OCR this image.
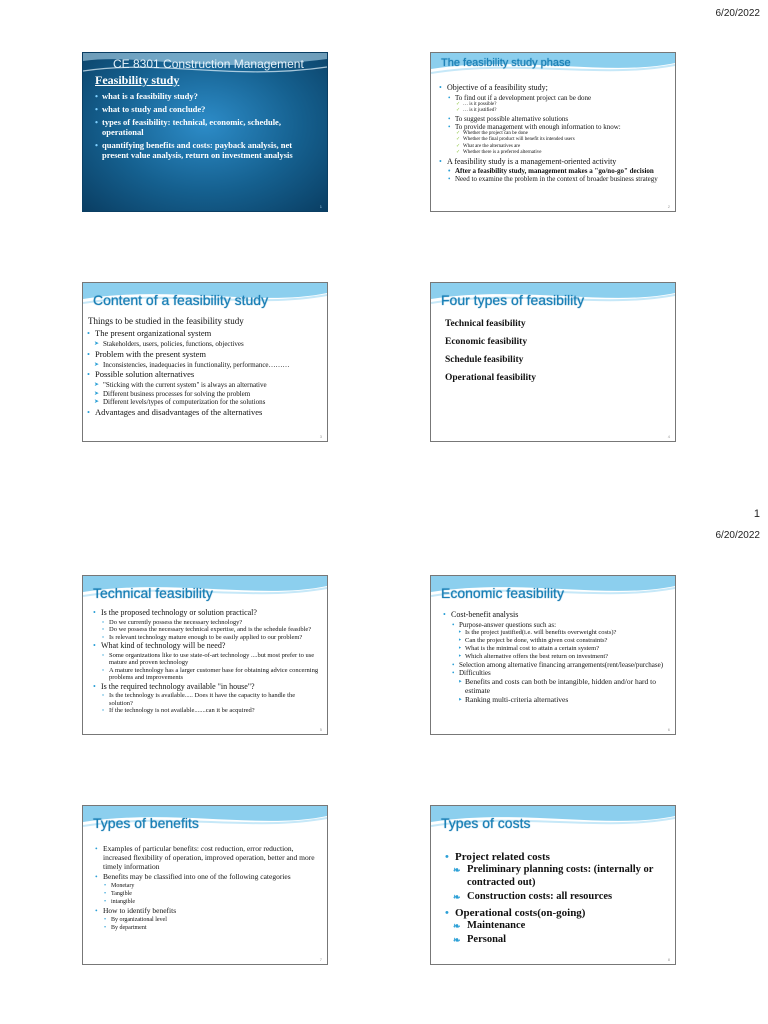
6/20/2022
1
6/20/2022
CE 8301 Construction Management
Feasibility study
• what is a feasibility study?
• what to study and conclude?
• types of feasibility: technical, economic, schedule, operational
• quantifying benefits and costs: payback analysis, net present value analysis, return on investment analysis
1
The feasibility study phase
• Objective of a feasibility study;
• To find out if a development project can be done
✓ … is it possible?
✓ … is it justified?
• To suggest possible alternative solutions
• To provide management with enough information to know:
✓ Whether the project can be done
✓ Whether the final product will benefit its intended users
✓ What are the alternatives are
✓ Whether there is a preferred alternative
• A feasibility study is a management-oriented activity
• After a feasibility study, management makes a "go/no-go" decision
• Need to examine the problem in the context of broader business strategy
2
Content of a feasibility study
Things to be studied in the feasibility study
• The present organizational system
➤ Stakeholders, users, policies, functions, objectives
• Problem with the present system
➤ Inconsistencies, inadequacies in functionality, performance………
• Possible solution alternatives
➤ "Sticking with the current system" is always an alternative
➤ Different business processes for solving the problem
➤ Different levels/types of computerization for the solutions
• Advantages and disadvantages of the alternatives
3
Four types of feasibility
Technical feasibility
Economic feasibility
Schedule feasibility
Operational feasibility
4
Technical feasibility
• Is the proposed technology or solution practical?
▫ Do we currently possess the necessary technology?
▫ Do we possess the necessary technical expertise, and is the schedule feasible?
▫ Is relevant technology mature enough to be easily applied to our problem?
• What kind of technology will be need?
▫ Some organizations like to use state-of-art technology ....but most prefer to use mature and proven technology
▫ A mature technology has a larger customer base for obtaining advice concerning problems and improvements
• Is the required technology available "in house"?
▫ Is the technology is available..... Does it have the capacity to handle the solution?
▫ If the technology is not available.......can it be acquired?
5
Economic feasibility
• Cost-benefit analysis
• Purpose-answer questions such as:
‣ Is the project justified(i.e. will benefits overweight costs)?
‣ Can the project be done, within given cost constraints?
‣ What is the minimal cost to attain a certain system?
‣ Which alternative offers the best return on investment?
• Selection among alternative financing arrangements(rent/lease/purchase)
• Difficulties
‣ Benefits and costs can both be intangible, hidden and/or hard to estimate
‣ Ranking multi-criteria alternatives
6
Types of benefits
• Examples of particular benefits: cost reduction, error reduction, increased flexibility of operation, improved operation, better and more timely information
• Benefits may be classified into one of the following categories
• Monetary
• Tangible
• intangible
• How to identify benefits
• By organizational level
• By department
7
Types of costs
• Project related costs
❧ Preliminary planning costs: (internally or contracted out)
❧ Construction costs: all resources
• Operational costs(on-going)
❧ Maintenance
❧ Personal
8
